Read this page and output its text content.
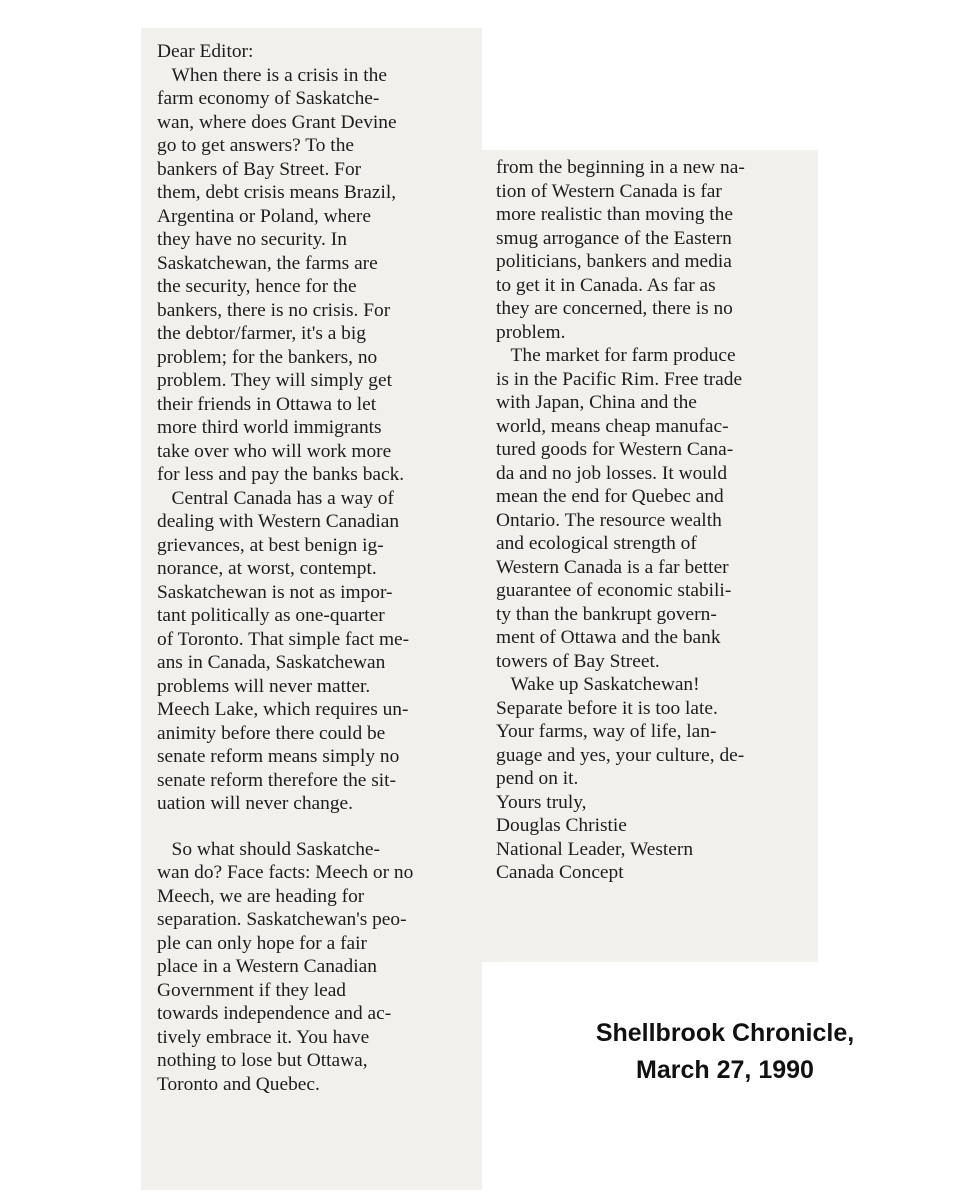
Dear Editor:
When there is a crisis in the
farm economy of Saskatche-
wan, where does Grant Devine
go to get answers? To the
bankers of Bay Street. For
them, debt crisis means Brazil,
Argentina or Poland, where
they have no security. In
Saskatchewan, the farms are
the security, hence for the
bankers, there is no crisis. For
the debtor/farmer, it's a big
problem; for the bankers, no
problem. They will simply get
their friends in Ottawa to let
more third world immigrants
take over who will work more
for less and pay the banks back.
Central Canada has a way of
dealing with Western Canadian
grievances, at best benign ig-
norance, at worst, contempt.
Saskatchewan is not as impor-
tant politically as one-quarter
of Toronto. That simple fact me-
ans in Canada, Saskatchewan
problems will never matter.
Meech Lake, which requires un-
animity before there could be
senate reform means simply no
senate reform therefore the sit-
uation will never change.
So what should Saskatche-
wan do? Face facts: Meech or no
Meech, we are heading for
separation. Saskatchewan's peo-
ple can only hope for a fair
place in a Western Canadian
Government if they lead
towards independence and ac-
tively embrace it. You have
nothing to lose but Ottawa,
Toronto and Quebec.
from the beginning in a new na-
tion of Western Canada is far
more realistic than moving the
smug arrogance of the Eastern
politicians, bankers and media
to get it in Canada. As far as
they are concerned, there is no
problem.
The market for farm produce
is in the Pacific Rim. Free trade
with Japan, China and the
world, means cheap manufac-
tured goods for Western Cana-
da and no job losses. It would
mean the end for Quebec and
Ontario. The resource wealth
and ecological strength of
Western Canada is a far better
guarantee of economic stabili-
ty than the bankrupt govern-
ment of Ottawa and the bank
towers of Bay Street.
Wake up Saskatchewan!
Separate before it is too late.
Your farms, way of life, lan-
guage and yes, your culture, de-
pend on it.
Yours truly,
Douglas Christie
National Leader, Western
Canada Concept
Shellbrook Chronicle,
March 27, 1990
